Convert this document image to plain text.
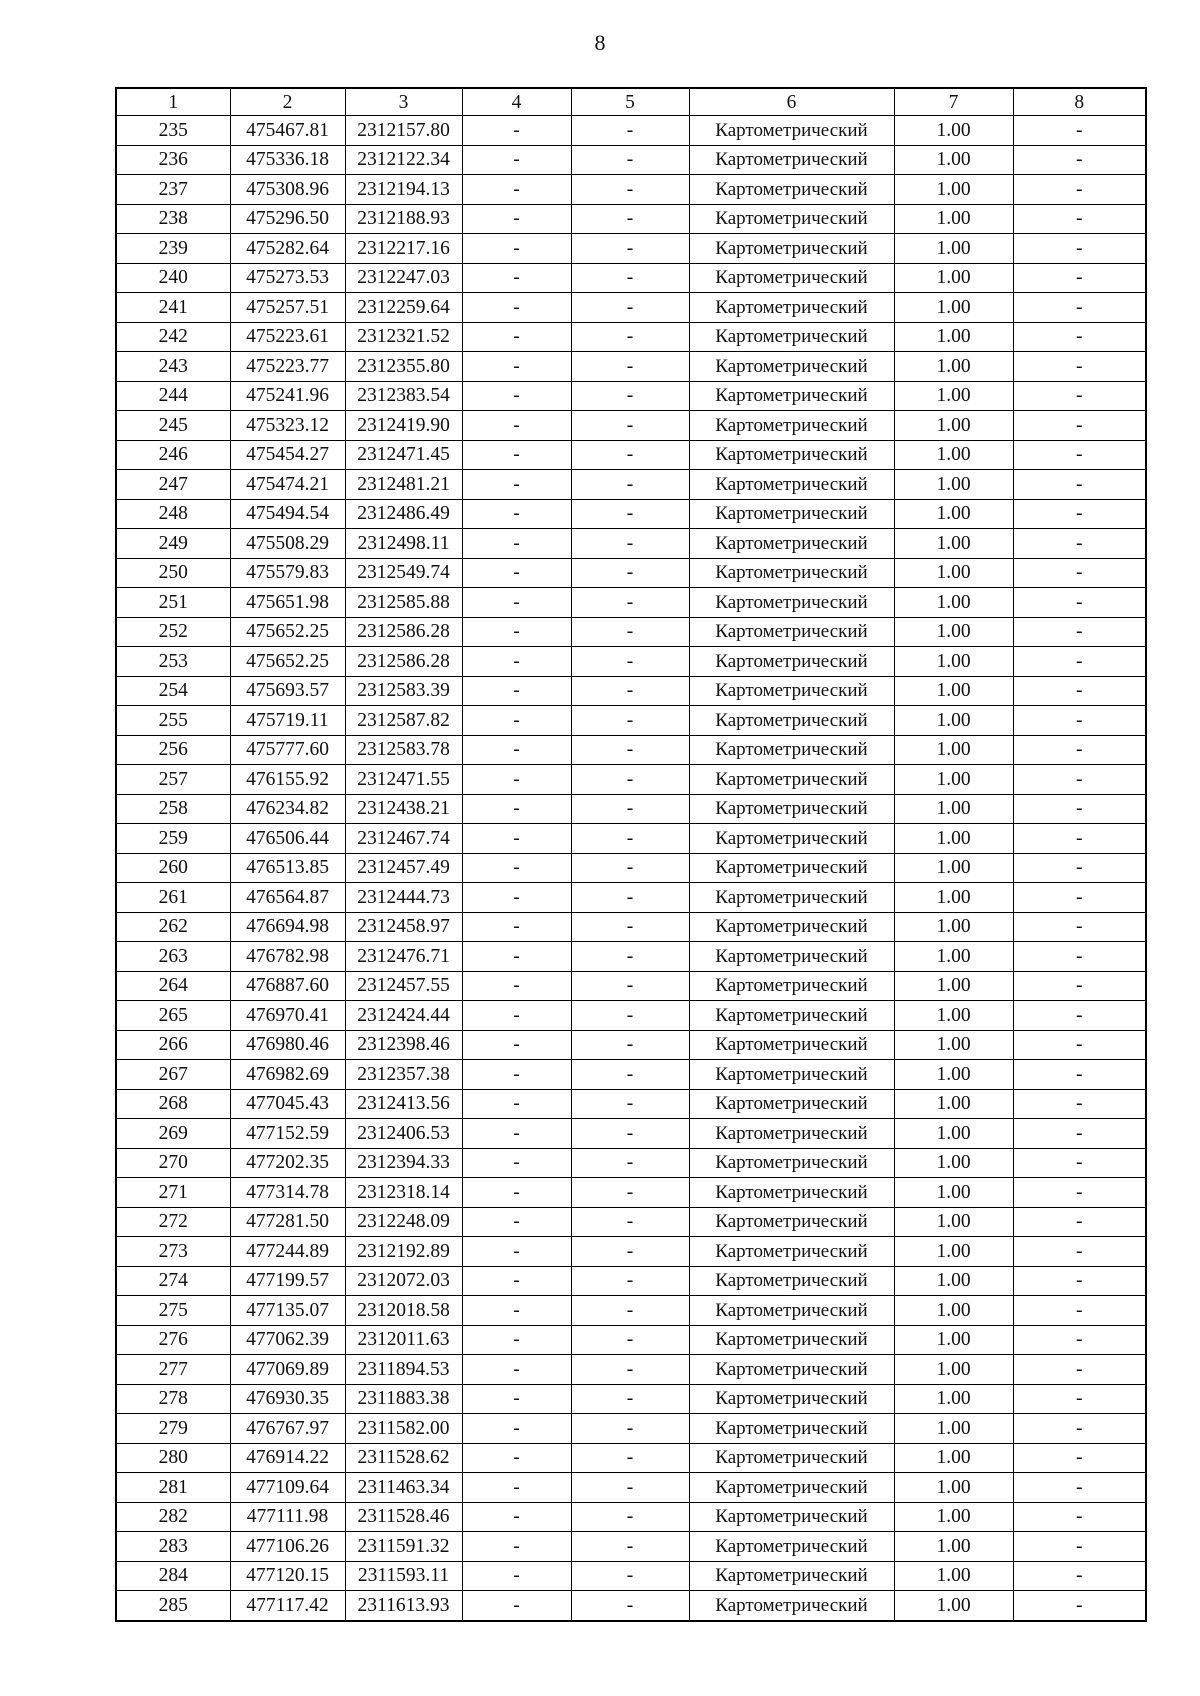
8
1	2	3	4	5	6	7	8
235	475467.81	2312157.80	-	-	Картометрический	1.00	-
236	475336.18	2312122.34	-	-	Картометрический	1.00	-
237	475308.96	2312194.13	-	-	Картометрический	1.00	-
238	475296.50	2312188.93	-	-	Картометрический	1.00	-
239	475282.64	2312217.16	-	-	Картометрический	1.00	-
240	475273.53	2312247.03	-	-	Картометрический	1.00	-
241	475257.51	2312259.64	-	-	Картометрический	1.00	-
242	475223.61	2312321.52	-	-	Картометрический	1.00	-
243	475223.77	2312355.80	-	-	Картометрический	1.00	-
244	475241.96	2312383.54	-	-	Картометрический	1.00	-
245	475323.12	2312419.90	-	-	Картометрический	1.00	-
246	475454.27	2312471.45	-	-	Картометрический	1.00	-
247	475474.21	2312481.21	-	-	Картометрический	1.00	-
248	475494.54	2312486.49	-	-	Картометрический	1.00	-
249	475508.29	2312498.11	-	-	Картометрический	1.00	-
250	475579.83	2312549.74	-	-	Картометрический	1.00	-
251	475651.98	2312585.88	-	-	Картометрический	1.00	-
252	475652.25	2312586.28	-	-	Картометрический	1.00	-
253	475652.25	2312586.28	-	-	Картометрический	1.00	-
254	475693.57	2312583.39	-	-	Картометрический	1.00	-
255	475719.11	2312587.82	-	-	Картометрический	1.00	-
256	475777.60	2312583.78	-	-	Картометрический	1.00	-
257	476155.92	2312471.55	-	-	Картометрический	1.00	-
258	476234.82	2312438.21	-	-	Картометрический	1.00	-
259	476506.44	2312467.74	-	-	Картометрический	1.00	-
260	476513.85	2312457.49	-	-	Картометрический	1.00	-
261	476564.87	2312444.73	-	-	Картометрический	1.00	-
262	476694.98	2312458.97	-	-	Картометрический	1.00	-
263	476782.98	2312476.71	-	-	Картометрический	1.00	-
264	476887.60	2312457.55	-	-	Картометрический	1.00	-
265	476970.41	2312424.44	-	-	Картометрический	1.00	-
266	476980.46	2312398.46	-	-	Картометрический	1.00	-
267	476982.69	2312357.38	-	-	Картометрический	1.00	-
268	477045.43	2312413.56	-	-	Картометрический	1.00	-
269	477152.59	2312406.53	-	-	Картометрический	1.00	-
270	477202.35	2312394.33	-	-	Картометрический	1.00	-
271	477314.78	2312318.14	-	-	Картометрический	1.00	-
272	477281.50	2312248.09	-	-	Картометрический	1.00	-
273	477244.89	2312192.89	-	-	Картометрический	1.00	-
274	477199.57	2312072.03	-	-	Картометрический	1.00	-
275	477135.07	2312018.58	-	-	Картометрический	1.00	-
276	477062.39	2312011.63	-	-	Картометрический	1.00	-
277	477069.89	2311894.53	-	-	Картометрический	1.00	-
278	476930.35	2311883.38	-	-	Картометрический	1.00	-
279	476767.97	2311582.00	-	-	Картометрический	1.00	-
280	476914.22	2311528.62	-	-	Картометрический	1.00	-
281	477109.64	2311463.34	-	-	Картометрический	1.00	-
282	477111.98	2311528.46	-	-	Картометрический	1.00	-
283	477106.26	2311591.32	-	-	Картометрический	1.00	-
284	477120.15	2311593.11	-	-	Картометрический	1.00	-
285	477117.42	2311613.93	-	-	Картометрический	1.00	-
